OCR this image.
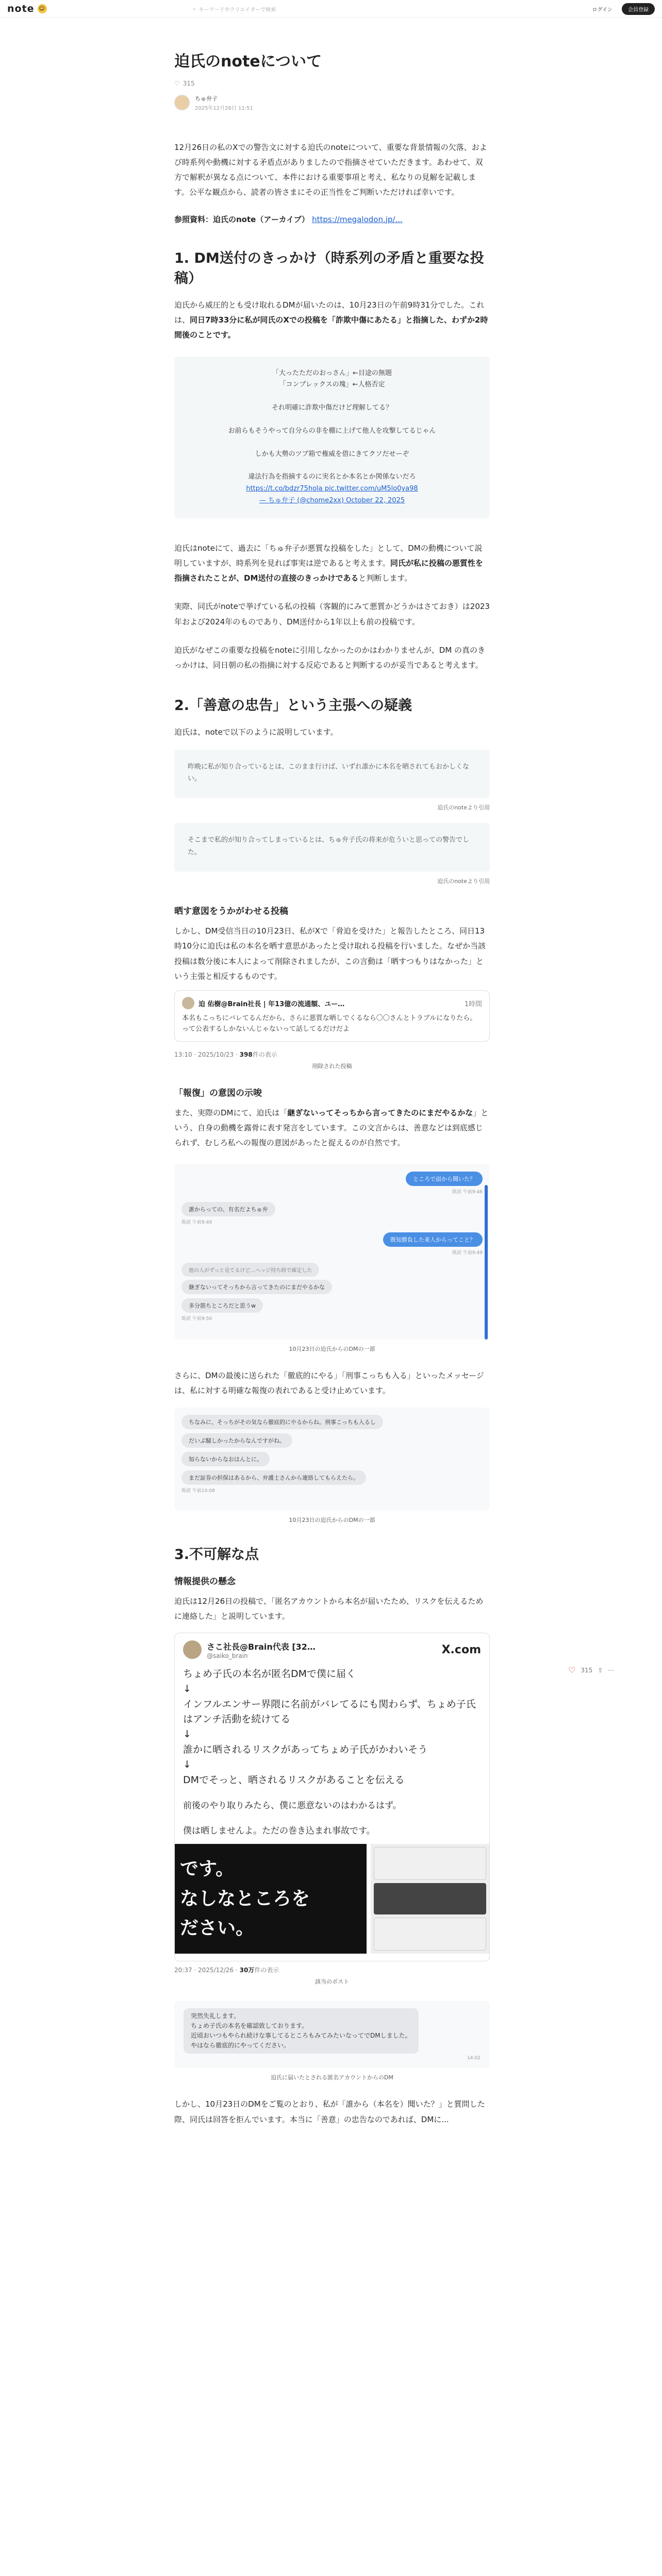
note ☺	⌕ キーワードやクリエイターで検索	ログイン	会員登録
迫氏のnoteについて
♡ 315
ちゅ弁子
2025年12月26日 11:51

12月26日の私のXでの警告文に対する迫氏のnoteについて、重要な背景情報の欠落、および時系列や動機に対する矛盾点がありましたので指摘させていただきます。あわせて、双方で解釈が異なる点について、本件における重要事項と考え、私なりの見解を記載します。公平な観点から、読者の皆さまにその正当性をご判断いただければ幸いです。

参照資料：迫氏のnote（アーカイブ） https://megalodon.jp/...
1. DM送付のきっかけ（時系列の矛盾と重要な投稿）

迫氏から威圧的とも受け取れるDMが届いたのは、10月23日の午前9時31分でした。これは、同日7時33分に私が同氏のXでの投稿を「詐欺中傷にあたる」と指摘した、わずか2時間後のことです。

「大ったただのおっさん」←目途の無題
「コンプレックスの塊」←人格否定

それ明確に詐欺中傷だけど理解してる？

お前らもそうやって自分らの非を棚に上げて他人を攻撃してるじゃん

しかも大勢のツブ箱で権威を借にきてクソだせーぞ

違法行為を指摘するのに実名とか本名とか関係ないだろ
https://t.co/bdzr75hola pic.twitter.com/uM5lo0ya98
— ちゅ弁子 (@chome2xx) October 22, 2025

迫氏はnoteにて、過去に「ちゅ弁子が悪質な投稿をした」として、DMの動機について説明していますが、時系列を見れば事実は逆であると考えます。同氏が私に投稿の悪質性を指摘されたことが、DM送付の直接のきっかけであると判断します。

実際、同氏がnoteで挙げている私の投稿（客観的にみて悪質かどうかはさておき）は2023年および2024年のものであり、DM送付から1年以上も前の投稿です。

迫氏がなぜこの重要な投稿をnoteに引用しなかったのかはわかりませんが、DM の真のきっかけは、同日朝の私の指摘に対する反応であると判断するのが妥当であると考えます。

2.「善意の忠告」という主張への疑義

迫氏は、noteで以下のように説明しています。

昨晩に私が知り合っているとは、このまま行けば、いずれ誰かに本名を晒されてもおかしくない。
迫氏のnoteより引用
そこまで私的が知り合ってしまっているとは、ちゅ弁子氏の将来が危ういと思っての警告でした。
迫氏のnoteより引用
晒す意図をうかがわせる投稿

しかし、DM受信当日の10月23日、私がXで「脅迫を受けた」と報告したところ、同日13時10分に迫氏は私の本名を晒す意思があったと受け取れる投稿を行いました。なぜか当該投稿は数分後に本人によって削除されましたが、この言動は「晒すつもりはなかった」という主張と相反するものです。

迫 佑樹@Brain社長 | 年13億の流通額、ユー…	1時間
本名もこっちにバレてるんだから、さらに悪質な晒しでくるなら〇〇さんとトラブルになりたら。って公表するしかないんじゃないって話してるだけだよ
13:10 · 2025/10/23 · 398件の表示
削除された投稿
「報復」の意図の示唆

また、実際のDMにて、迫氏は「継ぎないってそっちから言ってきたのにまだやるかな」という、自身の動機を露骨に表す発言をしています。この文言からは、善意などは到底感じられず、むしろ私への報復の意図があったと捉えるのが自然です。

ところで面から聞いた？
既読 午前9:46
誰からっての、有名だよちゅ弁
既読 午前9:49
既知勝負した来人からってこと？
既読 午前9:49
他の人がずっと見てるけど…ヘッジ持ち時で確定した
継ぎないってそっちから言ってきたのにまだやるかな
多分筋ちところだと思うw
既読 午前9:50
10月23日の迫氏からのDMの一部

さらに、DMの最後に送られた「徹底的にやる」「刑事こっちも入る」といったメッセージは、私に対する明確な報復の表れであると受け止めています。

ちなみに、そっちがその気なら徹底的にやるからね。刑事こっちも入るし
だいぶ騒しかったからなんですがね。
知らないからなおはんとに。
まだ証券の担保はあるから、弁護士さんから連絡してもらえたら。
既読 午前10:08
10月23日の迫氏からのDMの一部
3.不可解な点
情報提供の懸念

迫氏は12月26日の投稿で、「匿名アカウントから本名が届いたため、リスクを伝えるために連絡した」と説明しています。

さこ社長@Brain代表 [32…
@saiko_brain	X.com
ちょめ子氏の本名が匿名DMで僕に届く
↓
インフルエンサー界隈に名前がバレてるにも関わらず、ちょめ子氏はアンチ活動を続けてる
↓
誰かに晒されるリスクがあってちょめ子氏がかわいそう
↓
DMでそっと、晒されるリスクがあることを伝える
前後のやり取りみたら、僕に悪意ないのはわかるはず。
僕は晒しませんよ。ただの巻き込まれ事故です。
です。
なしなところを
ださい。
20:37 · 2025/12/26 · 30万件の表示
該当のポスト
突然失礼します。
ちょめ子氏の本名を確認致しております。
近頃おいつもやられ続けな事してるところもみてみたいなってでDMしました。
やはなら徹底的にやってください。
14:02
迫氏に届いたとされる匿名アカウントからのDM

しかし、10月23日のDMをご覧のとおり、私が「誰から（本名を）聞いた？」と質問した際、同氏は回答を拒んでいます。本当に「善意」の忠告なのであれば、DMに...

♡ 315 ⇪ ⋯
